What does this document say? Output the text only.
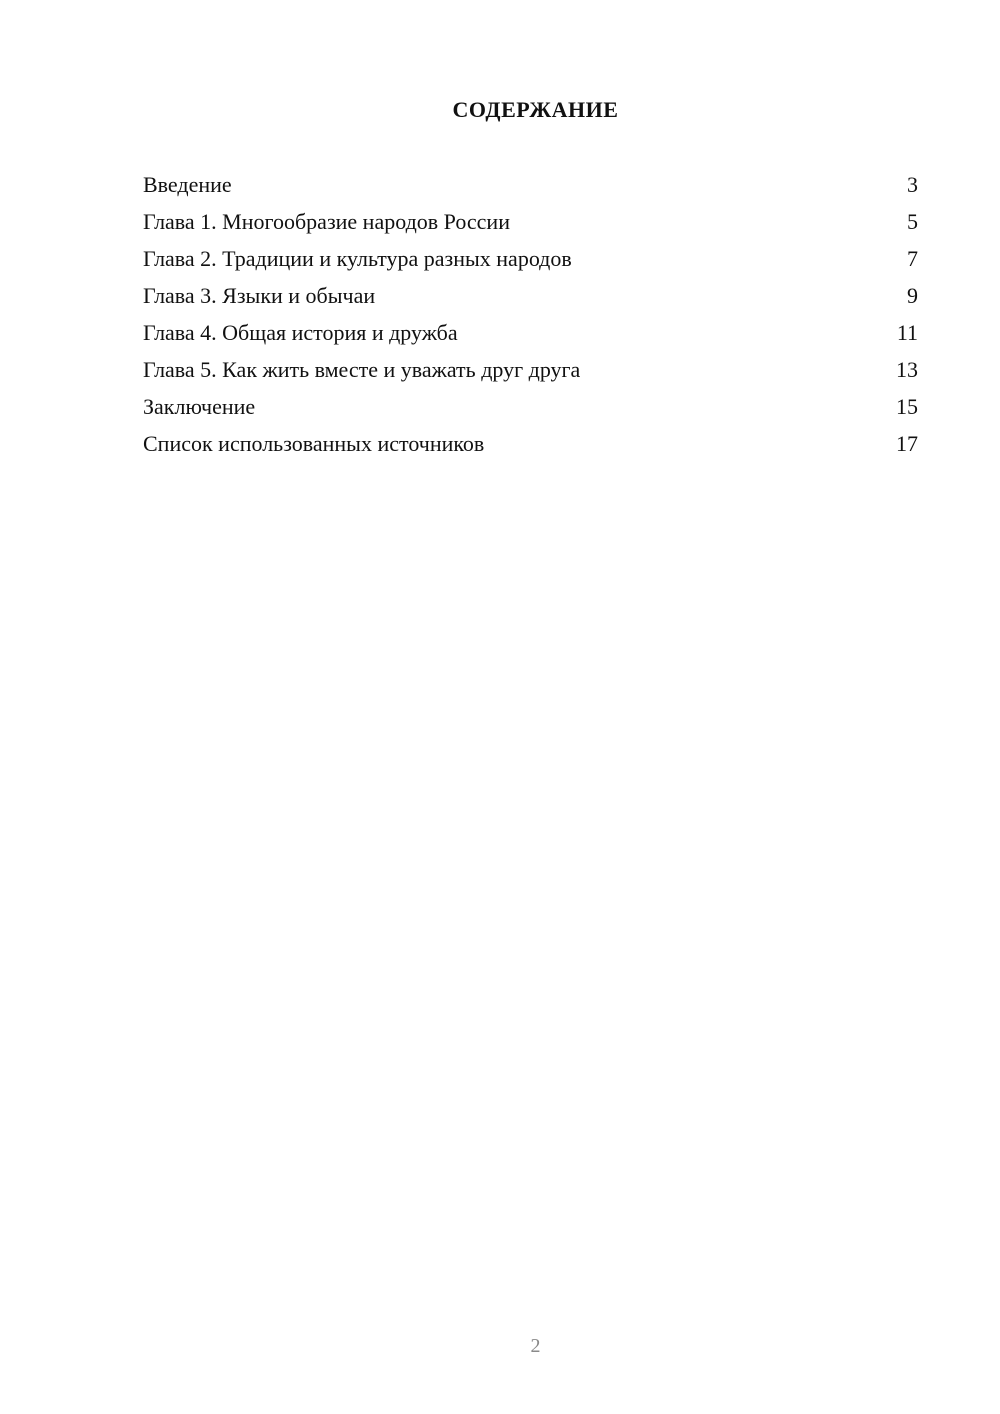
СОДЕРЖАНИЕ
Введение	3
Глава 1. Многообразие народов России	5
Глава 2. Традиции и культура разных народов	7
Глава 3. Языки и обычаи	9
Глава 4. Общая история и дружба	11
Глава 5. Как жить вместе и уважать друг друга	13
Заключение	15
Список использованных источников	17
2
